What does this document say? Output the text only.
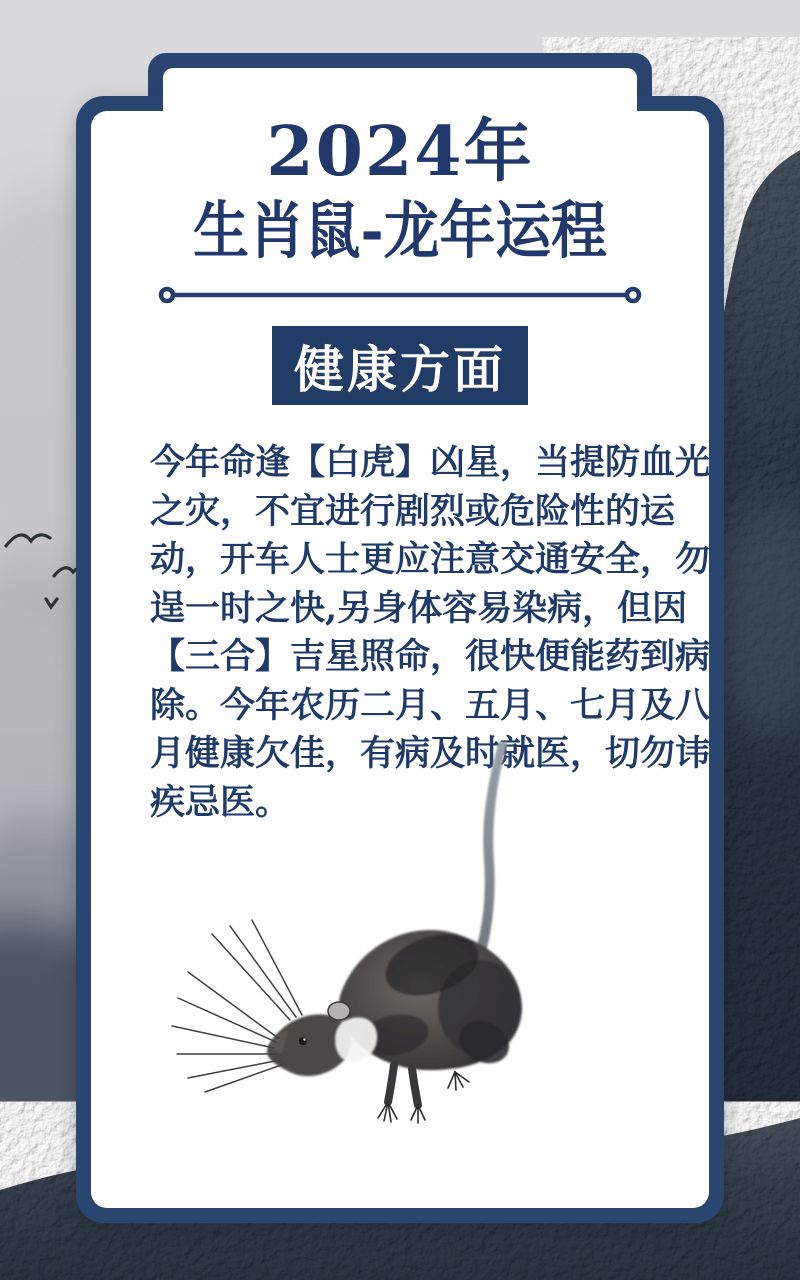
2024年
生肖鼠-龙年运程
健康方面
今年命逢【白虎】凶星，当提防血光
之灾，不宜进行剧烈或危险性的运
动，开车人士更应注意交通安全，勿
逞一时之快,另身体容易染病，但因
【三合】吉星照命，很快便能药到病
除。今年农历二月、五月、七月及八
月健康欠佳，有病及时就医，切勿讳
疾忌医。
